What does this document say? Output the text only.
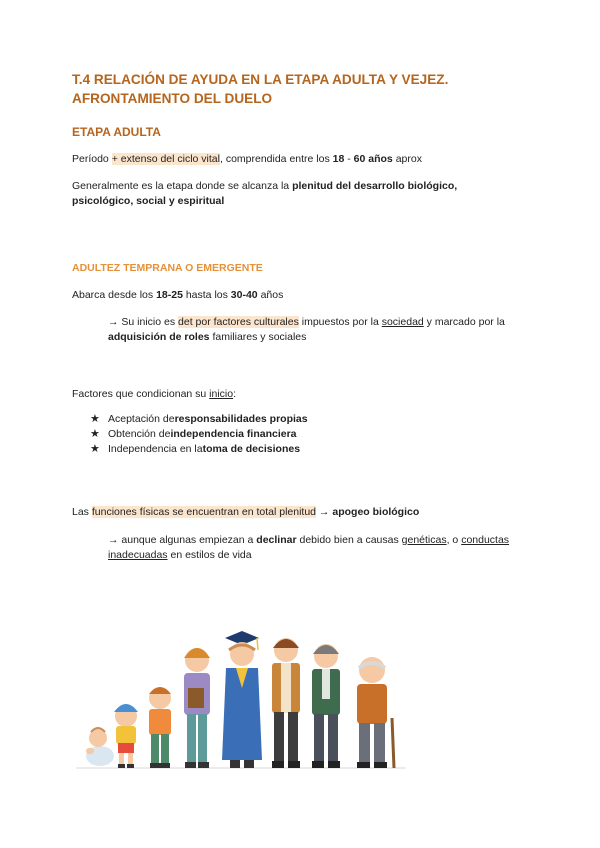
T.4 RELACIÓN DE AYUDA EN LA ETAPA ADULTA Y VEJEZ. AFRONTAMIENTO DEL DUELO
ETAPA ADULTA
Período + extenso del ciclo vital, comprendida entre los 18 - 60 años aprox
Generalmente es la etapa donde se alcanza la plenitud del desarrollo biológico, psicológico, social y espiritual
ADULTEZ TEMPRANA O EMERGENTE
Abarca desde los 18-25 hasta los 30-40 años
→ Su inicio es det por factores culturales impuestos por la sociedad y marcado por la adquisición de roles familiares y sociales
Factores que condicionan su inicio:
★ Aceptación de responsabilidades propias
★ Obtención de independencia financiera
★ Independencia en la toma de decisiones
Las funciones físicas se encuentran en total plenitud → apogeo biológico
→ aunque algunas empiezan a declinar debido bien a causas genéticas, o conductas inadecuadas en estilos de vida
